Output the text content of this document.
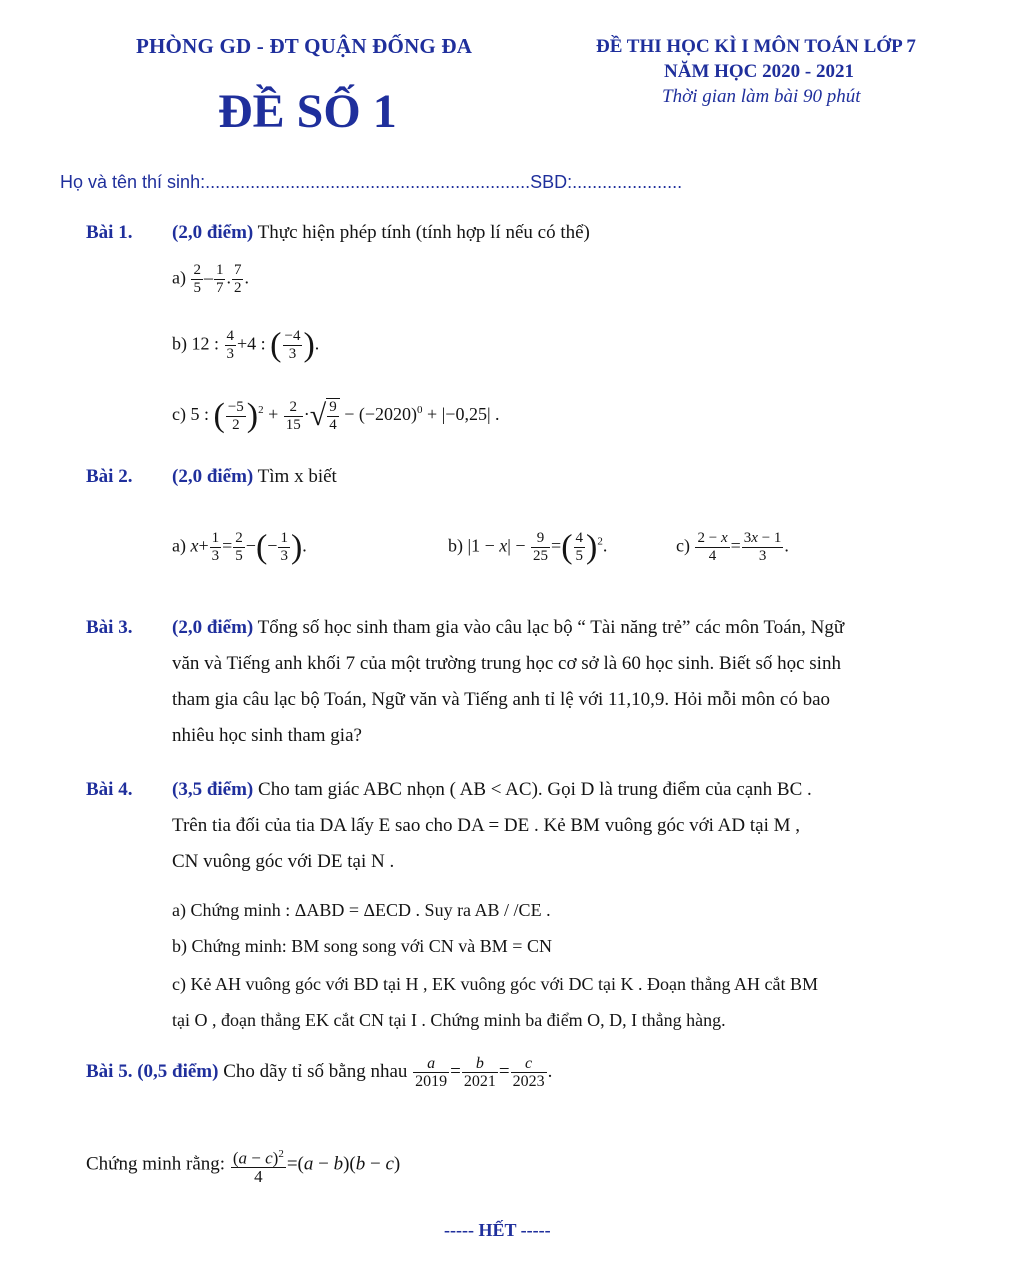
PHÒNG GD - ĐT QUẬN ĐỐNG ĐA	ĐỀ THI HỌC KÌ I MÔN TOÁN LỚP 7
NĂM HỌC 2020 - 2021
Thời gian làm bài 90 phút
ĐỀ SỐ 1
Họ và tên thí sinh:.................................................................SBD:......................
Bài 1. (2,0 điểm) Thực hiện phép tính (tính hợp lí nếu có thể)
$a) \frac{2}{5} - \frac{1}{7}$ . $\frac{7}{2}$ .
b) 12 : $\frac{4}{3} +4$ : ( $\frac{-4}{3}$ ).
c) 5 : ( $\frac{-5}{2} )^2 + \frac{2}{15}$ ·√ $\frac{9}{4} - (-2020)^0 + |-0,25|$ .
Bài 2. (2,0 điểm) Tìm x biết
a) $x+ \frac{1}{3} = \frac{2}{5}$ −(− $\frac{1}{3}$ ).	b) $|1 - x| - \frac{9}{25}$ =( $\frac{4}{5} )^2$.	$c) \frac{2 - x}{4} = \frac{3x - 1}{3}$ .
Bài 3. (2,0 điểm) Tổng số học sinh tham gia vào câu lạc bộ “ Tài năng trẻ” các môn Toán, Ngữ
văn và Tiếng anh khối 7 của một trường trung học cơ sở là 60 học sinh. Biết số học sinh
tham gia câu lạc bộ Toán, Ngữ văn và Tiếng anh tỉ lệ với 11,10,9. Hỏi mỗi môn có bao
nhiêu học sinh tham gia?
Bài 4. (3,5 điểm) Cho tam giác ABC nhọn ( AB < AC). Gọi D là trung điểm của cạnh BC .
Trên tia đối của tia DA lấy E sao cho DA = DE . Kẻ BM vuông góc với AD tại M ,
CN vuông góc với DE tại N .
a) Chứng minh : ΔABD = ΔECD . Suy ra AB / /CE .
b) Chứng minh: BM song song với CN và BM = CN
c) Kẻ AH vuông góc với BD tại H , EK vuông góc với DC tại K . Đoạn thẳng AH cắt BM
tại O , đoạn thẳng EK cắt CN tại I . Chứng minh ba điểm O, D, I thẳng hàng.
Bài 5. (0,5 điểm) Cho dãy tỉ số bằng nhau $\frac{a}{2019} = \frac{b}{2021} = \frac{c}{2023}$ .
Chứng minh rằng: $\frac{(a - c)^2}{4} =(a - b)(b - c)$
----- HẾT -----
